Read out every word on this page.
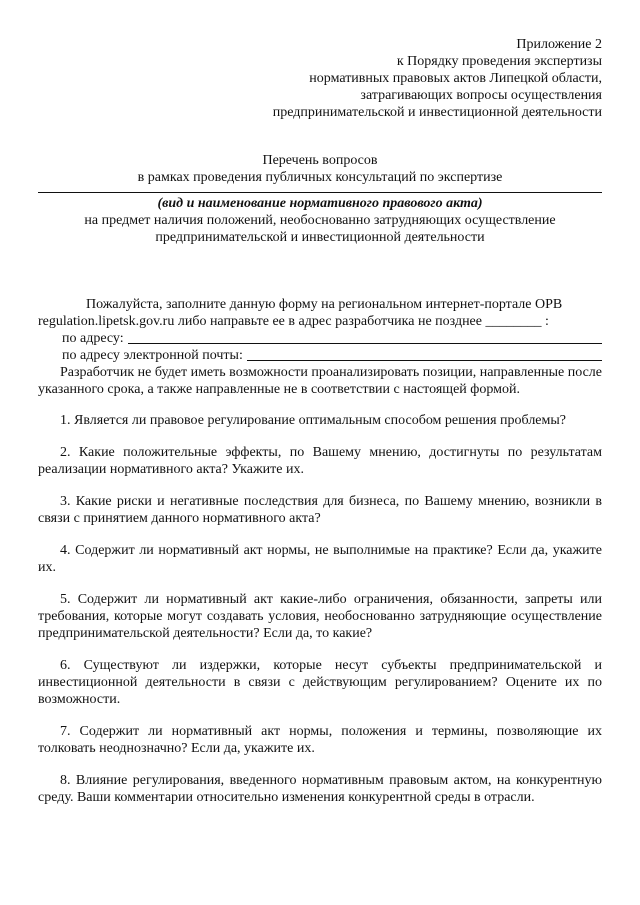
Приложение 2
к Порядку проведения экспертизы
нормативных правовых актов Липецкой области,
затрагивающих вопросы осуществления
предпринимательской и инвестиционной деятельности
Перечень вопросов
в рамках проведения публичных консультаций по экспертизе
(вид и наименование нормативного правового акта)
на предмет наличия положений, необоснованно затрудняющих осуществление
предпринимательской и инвестиционной деятельности
Пожалуйста, заполните данную форму на региональном интернет-портале ОРВ
regulation.lipetsk.gov.ru либо направьте ее в адрес разработчика не позднее ________ :
по адресу:
по адресу электронной почты:
Разработчик не будет иметь возможности проанализировать позиции, направленные после указанного срока, а также направленные не в соответствии с настоящей формой.
1. Является ли правовое регулирование оптимальным способом решения проблемы?
2. Какие положительные эффекты, по Вашему мнению, достигнуты по результатам реализации нормативного акта? Укажите их.
3. Какие риски и негативные последствия для бизнеса, по Вашему мнению, возникли в связи с принятием данного нормативного акта?
4. Содержит ли нормативный акт нормы, не выполнимые на практике? Если да, укажите их.
5. Содержит ли нормативный акт какие-либо ограничения, обязанности, запреты или требования, которые могут создавать условия, необоснованно затрудняющие осуществление предпринимательской деятельности? Если да, то какие?
6. Существуют ли издержки, которые несут субъекты предпринимательской и инвестиционной деятельности в связи с действующим регулированием? Оцените их по возможности.
7. Содержит ли нормативный акт нормы, положения и термины, позволяющие их толковать неоднозначно? Если да, укажите их.
8. Влияние регулирования, введенного нормативным правовым актом, на конкурентную среду. Ваши комментарии относительно изменения конкурентной среды в отрасли.
